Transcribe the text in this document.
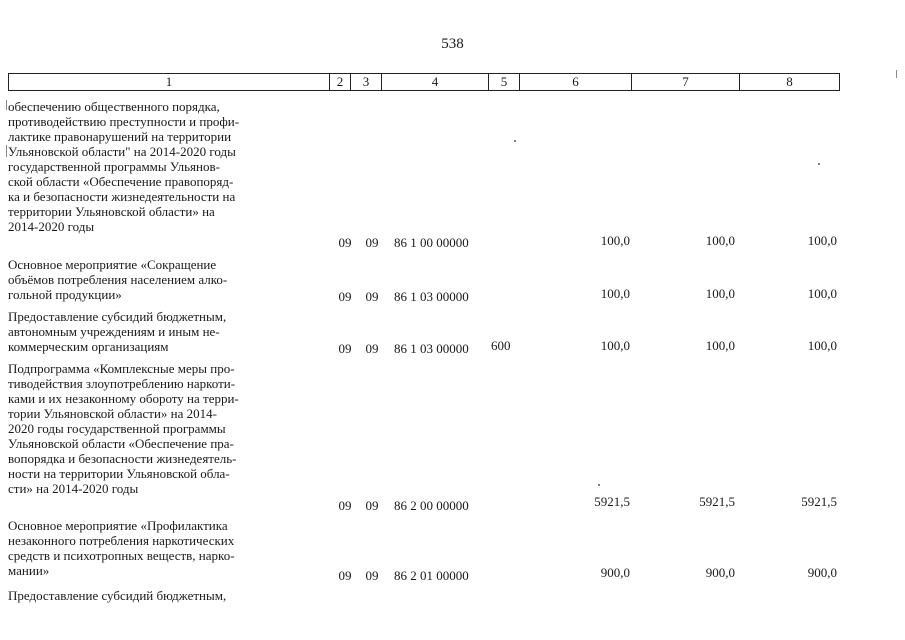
538
1	2	3	4	5	6	7	8
обеспечению общественного порядка,
противодействию преступности и профи-
лактике правонарушений на территории
Ульяновской области" на 2014-2020 годы
государственной программы Ульянов-
ской области «Обеспечение правопоряд-
ка и безопасности жизнедеятельности на
территории Ульяновской области» на
2014-2020 годы
09 09 86 1 00 00000	100,0	100,0	100,0
Основное мероприятие «Сокращение
объёмов потребления населением алко-
гольной продукции»	09 09 86 1 03 00000	100,0	100,0	100,0
Предоставление субсидий бюджетным,
автономным учреждениям и иным не-
коммерческим организациям	09 09 86 1 03 00000	600	100,0	100,0	100,0
Подпрограмма «Комплексные меры про-
тиводействия злоупотреблению наркоти-
ками и их незаконному обороту на терри-
тории Ульяновской области» на 2014-
2020 годы государственной программы
Ульяновской области «Обеспечение пра-
вопорядка и безопасности жизнедеятель-
ности на территории Ульяновской обла-
сти» на 2014-2020 годы
09 09 86 2 00 00000	5921,5	5921,5	5921,5
Основное мероприятие «Профилактика
незаконного потребления наркотических
средств и психотропных веществ, нарко-
мании»	09 09 86 2 01 00000	900,0	900,0	900,0
Предоставление субсидий бюджетным,
